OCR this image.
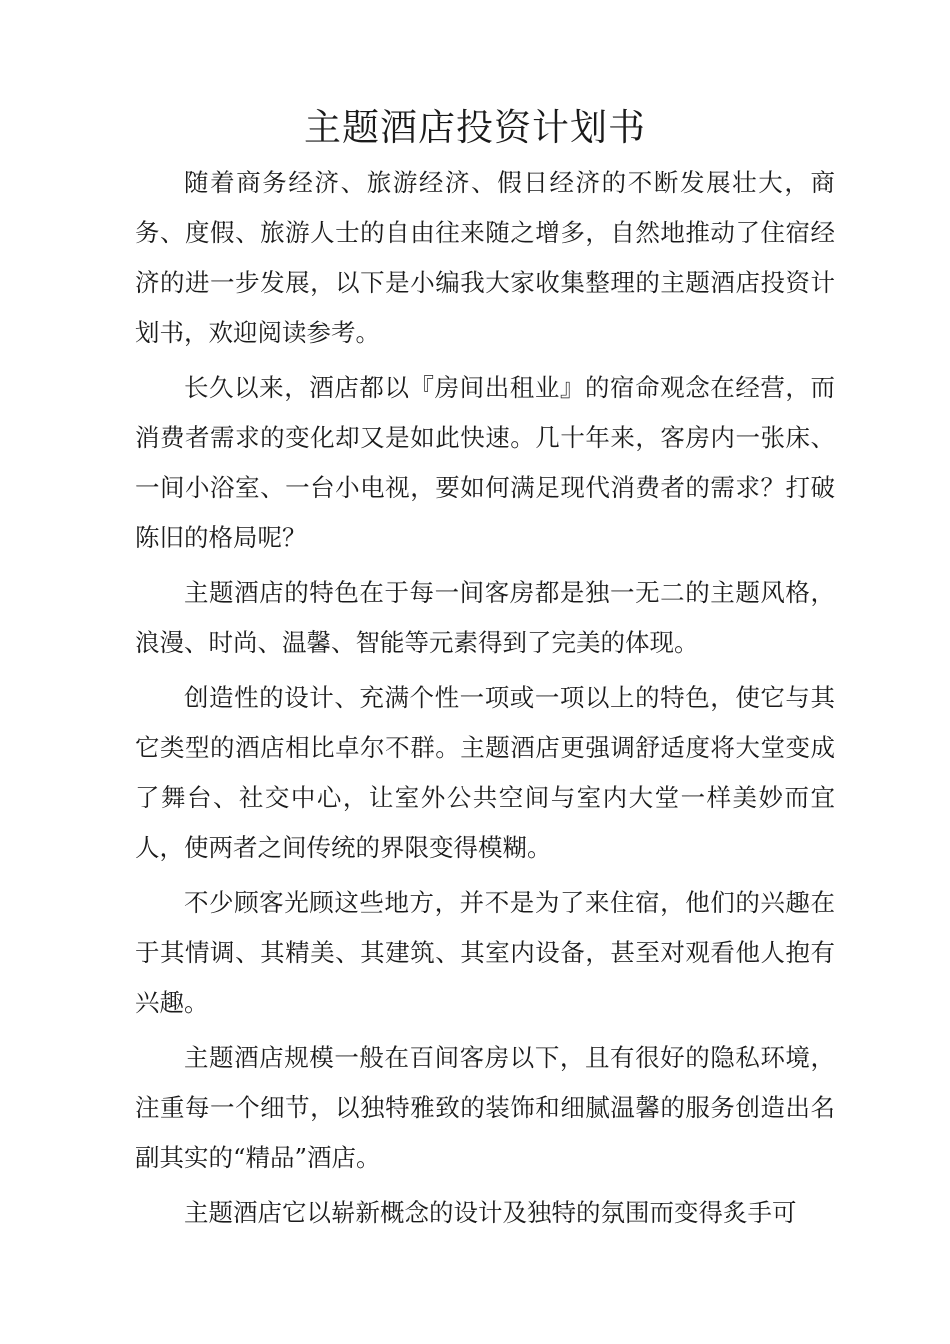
主题酒店投资计划书

随着商务经济、旅游经济、假日经济的不断发展壮大，商务、度假、旅游人士的自由往来随之增多，自然地推动了住宿经济的进一步发展，以下是小编我大家收集整理的主题酒店投资计划书，欢迎阅读参考。

长久以来，酒店都以『房间出租业』的宿命观念在经营，而消费者需求的变化却又是如此快速。几十年来，客房内一张床、一间小浴室、一台小电视，要如何满足现代消费者的需求？打破陈旧的格局呢？

主题酒店的特色在于每一间客房都是独一无二的主题风格，浪漫、时尚、温馨、智能等元素得到了完美的体现。

创造性的设计、充满个性一项或一项以上的特色，使它与其它类型的酒店相比卓尔不群。主题酒店更强调舒适度将大堂变成了舞台、社交中心，让室外公共空间与室内大堂一样美妙而宜人，使两者之间传统的界限变得模糊。

不少顾客光顾这些地方，并不是为了来住宿，他们的兴趣在于其情调、其精美、其建筑、其室内设备，甚至对观看他人抱有兴趣。

主题酒店规模一般在百间客房以下，且有很好的隐私环境，注重每一个细节，以独特雅致的装饰和细腻温馨的服务创造出名副其实的“精品”酒店。

主题酒店它以崭新概念的设计及独特的氛围而变得炙手可
